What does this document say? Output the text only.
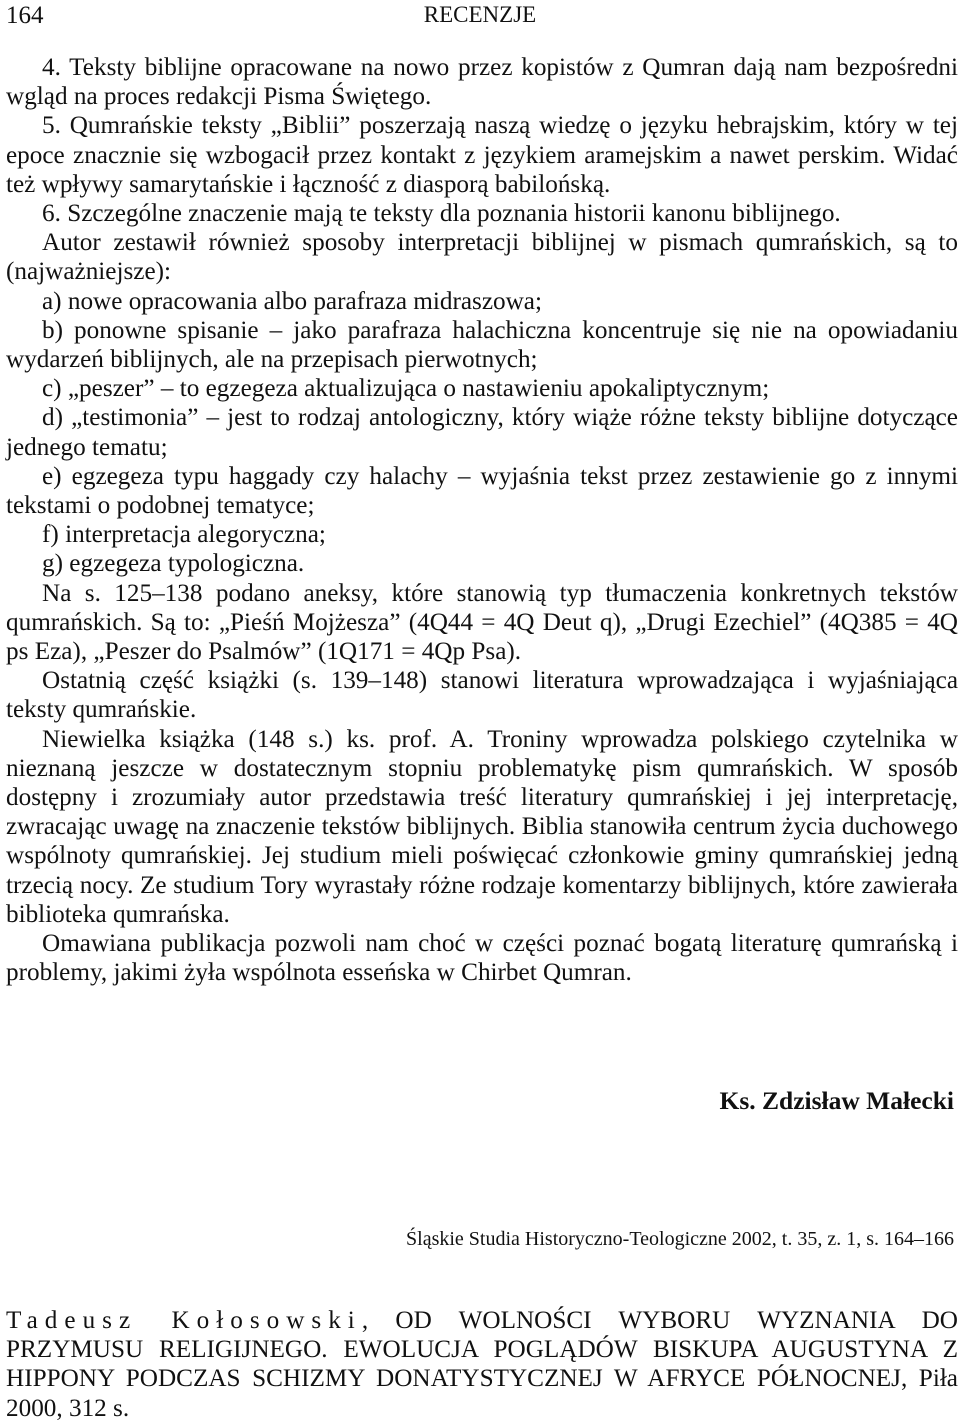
164	RECENZJE

4. Teksty biblijne opracowane na nowo przez kopistów z Qumran dają nam bezpośredni wgląd na proces redakcji Pisma Świętego.

5. Qumrańskie teksty „Biblii” poszerzają naszą wiedzę o języku hebrajskim, który w tej epoce znacznie się wzbogacił przez kontakt z językiem aramejskim a nawet perskim. Widać też wpływy samarytańskie i łączność z diasporą babilońską.

6. Szczególne znaczenie mają te teksty dla poznania historii kanonu biblijnego.

Autor zestawił również sposoby interpretacji biblijnej w pismach qumrańskich, są to (najważniejsze):

a) nowe opracowania albo parafraza midraszowa;

b) ponowne spisanie – jako parafraza halachiczna koncentruje się nie na opowiadaniu wydarzeń biblijnych, ale na przepisach pierwotnych;

c) „peszer” – to egzegeza aktualizująca o nastawieniu apokaliptycznym;

d) „testimonia” – jest to rodzaj antologiczny, który wiąże różne teksty biblijne dotyczące jednego tematu;

e) egzegeza typu haggady czy halachy – wyjaśnia tekst przez zestawienie go z innymi tekstami o podobnej tematyce;

f) interpretacja alegoryczna;

g) egzegeza typologiczna.

Na s. 125–138 podano aneksy, które stanowią typ tłumaczenia konkretnych tekstów qumrańskich. Są to: „Pieśń Mojżesza” (4Q44 = 4Q Deut q), „Drugi Ezechiel” (4Q385 = 4Q ps Eza), „Peszer do Psalmów” (1Q171 = 4Qp Psa).

Ostatnią część książki (s. 139–148) stanowi literatura wprowadzająca i wyjaśniająca teksty qumrańskie.

Niewielka książka (148 s.) ks. prof. A. Troniny wprowadza polskiego czytelnika w nieznaną jeszcze w dostatecznym stopniu problematykę pism qumrańskich. W sposób dostępny i zrozumiały autor przedstawia treść literatury qumrańskiej i jej interpretację, zwracając uwagę na znaczenie tekstów biblijnych. Biblia stanowiła centrum życia duchowego wspólnoty qumrańskiej. Jej studium mieli poświęcać członkowie gminy qumrańskiej jedną trzecią nocy. Ze studium Tory wyrastały różne rodzaje komentarzy biblijnych, które zawierała biblioteka qumrańska.

Omawiana publikacja pozwoli nam choć w części poznać bogatą literaturę qumrańską i problemy, jakimi żyła wspólnota esseńska w Chirbet Qumran.

Ks. Zdzisław Małecki
Śląskie Studia Historyczno-Teologiczne 2002, t. 35, z. 1, s. 164–166
Tadeusz Kołosowski, OD WOLNOŚCI WYBORU WYZNANIA DO PRZYMUSU RELIGIJNEGO. EWOLUCJA POGLĄDÓW BISKUPA AUGUSTYNA Z HIPPONY PODCZAS SCHIZMY DONATYSTYCZNEJ W AFRYCE PÓŁNOCNEJ, Piła 2000, 312 s.
